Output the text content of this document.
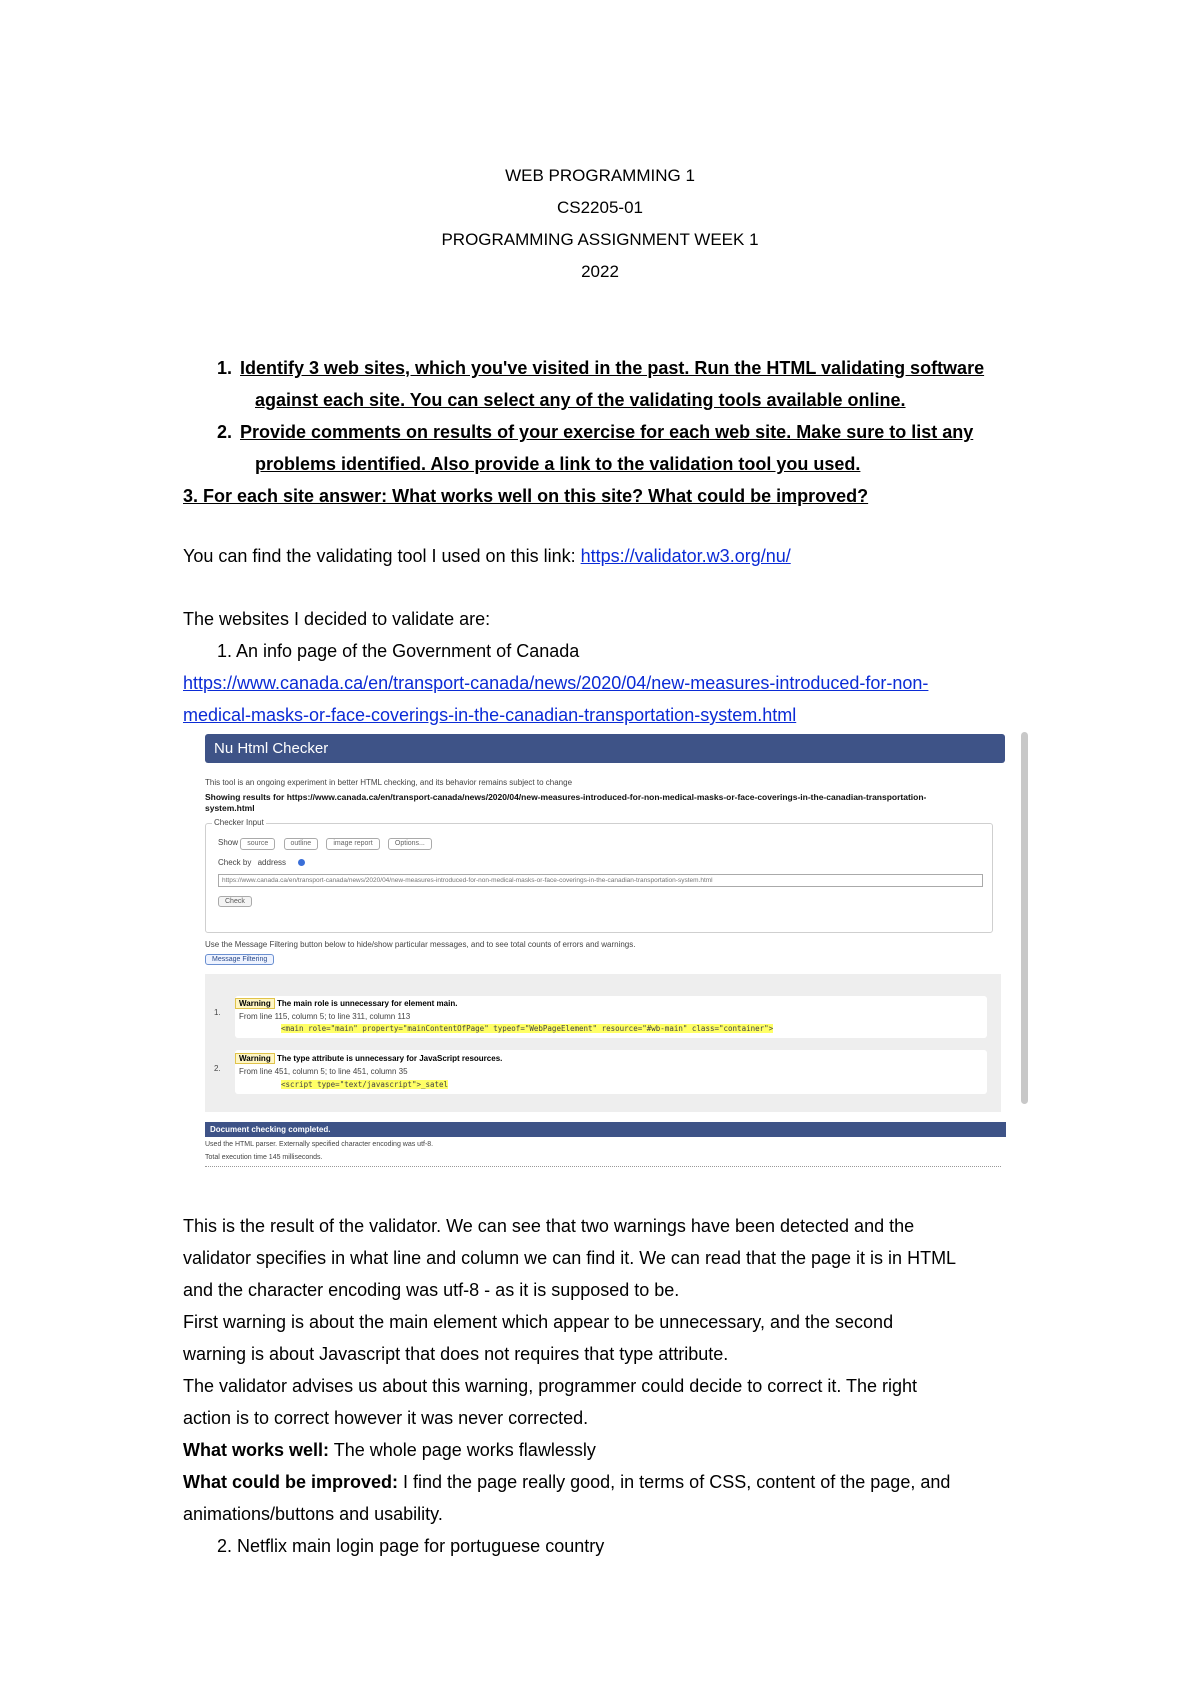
WEB PROGRAMMING 1
CS2205-01
PROGRAMMING ASSIGNMENT WEEK 1
2022
1. Identify 3 web sites, which you've visited in the past. Run the HTML validating software
against each site. You can select any of the validating tools available online.
2. Provide comments on results of your exercise for each web site. Make sure to list any
problems identified. Also provide a link to the validation tool you used.
3. For each site answer: What works well on this site? What could be improved?
You can find the validating tool I used on this link: https://validator.w3.org/nu/
The websites I decided to validate are:
1. An info page of the Government of Canada
https://www.canada.ca/en/transport-canada/news/2020/04/new-measures-introduced-for-non-
medical-masks-or-face-coverings-in-the-canadian-transportation-system.html
Nu Html Checker
This tool is an ongoing experiment in better HTML checking, and its behavior remains subject to change
Showing results for https://www.canada.ca/en/transport-canada/news/2020/04/new-measures-introduced-for-non-medical-masks-or-face-coverings-in-the-canadian-transportation-
system.html
Checker Input
Show source	outline	image report	Options...
Check by address
https://www.canada.ca/en/transport-canada/news/2020/04/new-measures-introduced-for-non-medical-masks-or-face-coverings-in-the-canadian-transportation-system.html
Check
Use the Message Filtering button below to hide/show particular messages, and to see total counts of errors and warnings.
Message Filtering
1.
Warning The main role is unnecessary for element main.
From line 115, column 5; to line 311, column 113
<main role="main" property="mainContentOfPage" typeof="WebPageElement" resource="#wb-main" class="container">
2.
Warning The type attribute is unnecessary for JavaScript resources.
From line 451, column 5; to line 451, column 35
<script type="text/javascript">_satel
Document checking completed.
Used the HTML parser. Externally specified character encoding was utf-8.
Total execution time 145 milliseconds.
This is the result of the validator. We can see that two warnings have been detected and the
validator specifies in what line and column we can find it. We can read that the page it is in HTML
and the character encoding was utf-8 - as it is supposed to be.
First warning is about the main element which appear to be unnecessary, and the second
warning is about Javascript that does not requires that type attribute.
The validator advises us about this warning, programmer could decide to correct it. The right
action is to correct however it was never corrected.
What works well: The whole page works flawlessly
What could be improved: I find the page really good, in terms of CSS, content of the page, and
animations/buttons and usability.
2. Netflix main login page for portuguese country
